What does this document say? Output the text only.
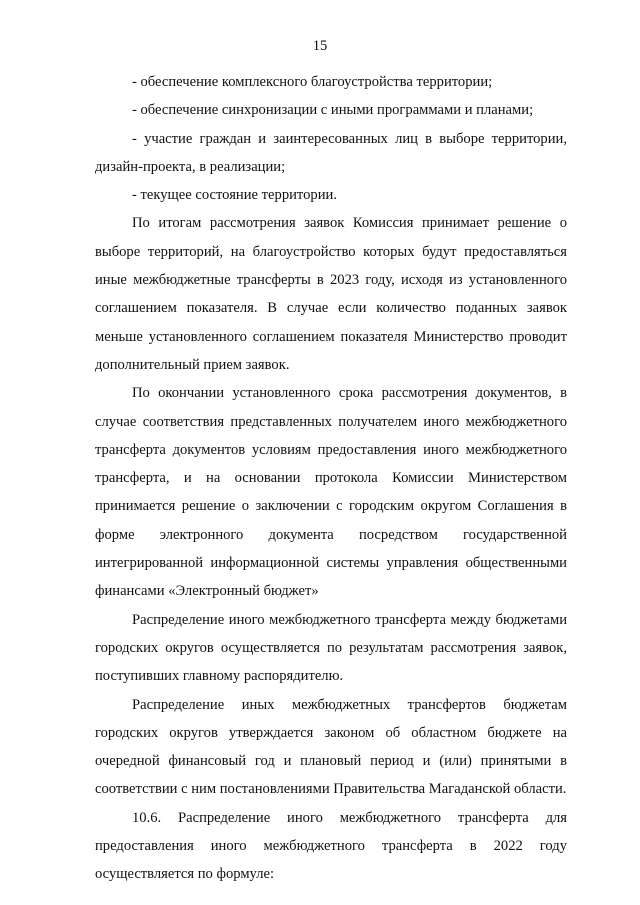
15

- обеспечение комплексного благоустройства территории;

- обеспечение синхронизации с иными программами и планами;

- участие граждан и заинтересованных лиц в выборе территории, дизайн-проекта, в реализации;

- текущее состояние территории.

По итогам рассмотрения заявок Комиссия принимает решение о выборе территорий, на благоустройство которых будут предоставляться иные межбюджетные трансферты в 2023 году, исходя из установленного соглашением показателя. В случае если количество поданных заявок меньше установленного соглашением показателя Министерство проводит дополнительный прием заявок.

По окончании установленного срока рассмотрения документов, в случае соответствия представленных получателем иного межбюджетного трансферта документов условиям предоставления иного межбюджетного трансферта, и на основании протокола Комиссии Министерством принимается решение о заключении с городским округом Соглашения в форме электронного документа посредством государственной интегрированной информационной системы управления общественными финансами «Электронный бюджет»

Распределение иного межбюджетного трансферта между бюджетами городских округов осуществляется по результатам рассмотрения заявок, поступивших главному распорядителю.

Распределение иных межбюджетных трансфертов бюджетам городских округов утверждается законом об областном бюджете на очередной финансовый год и плановый период и (или) принятыми в соответствии с ним постановлениями Правительства Магаданской области.

10.6. Распределение иного межбюджетного трансферта для предоставления иного межбюджетного трансферта в 2022 году осуществляется по формуле:
